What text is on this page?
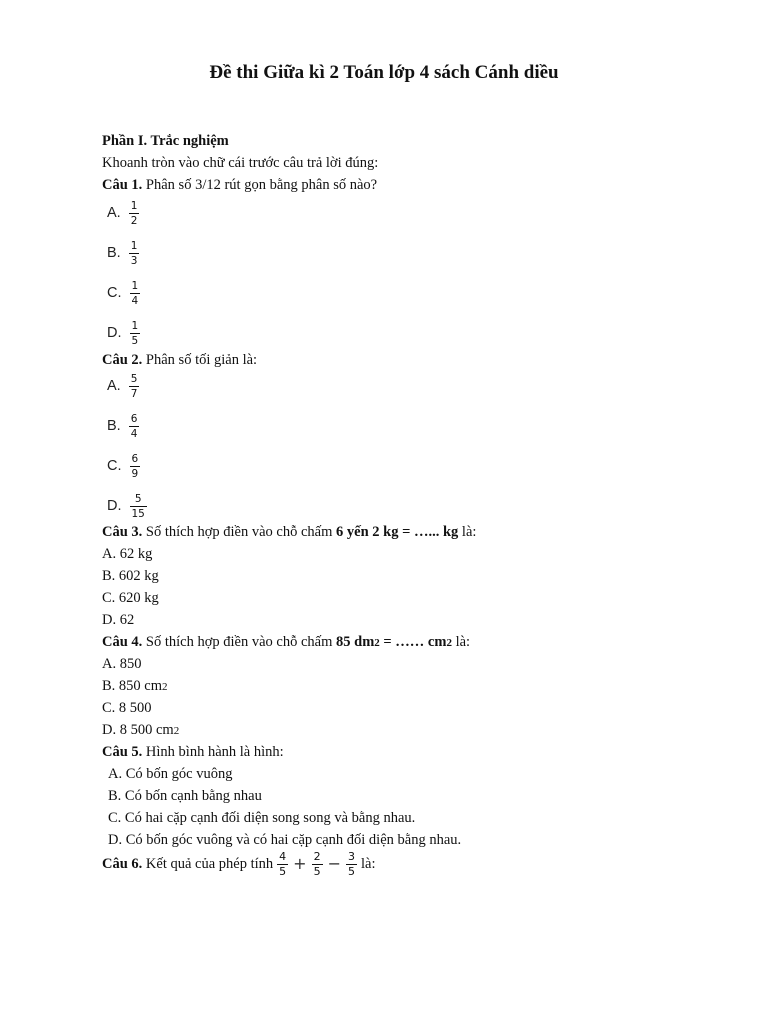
Đề thi Giữa kì 2 Toán lớp 4 sách Cánh diều
Phần I. Trắc nghiệm
Khoanh tròn vào chữ cái trước câu trả lời đúng:
Câu 1. Phân số 3/12 rút gọn bằng phân số nào?
A. $\frac{1}{2}$
B. $\frac{1}{3}$
C. $\frac{1}{4}$
D. $\frac{1}{5}$
Câu 2. Phân số tối giản là:
A. $\frac{5}{7}$
B. $\frac{6}{4}$
C. $\frac{6}{9}$
D. $\frac{5}{15}$
Câu 3. Số thích hợp điền vào chỗ chấm 6 yến 2 kg = …... kg là:
A. 62 kg
B. 602 kg
C. 620 kg
D. 62
Câu 4. Số thích hợp điền vào chỗ chấm 85 dm2 = …… cm2 là:
A. 850
B. 850 cm2
C. 8 500
D. 8 500 cm2
Câu 5. Hình bình hành là hình:
A. Có bốn góc vuông
B. Có bốn cạnh bằng nhau
C. Có hai cặp cạnh đối diện song song và bằng nhau.
D. Có bốn góc vuông và có hai cặp cạnh đối diện bằng nhau.
Câu 6. Kết quả của phép tính $\frac{4}{5} + \frac{2}{5} - \frac{3}{5}$ là:
